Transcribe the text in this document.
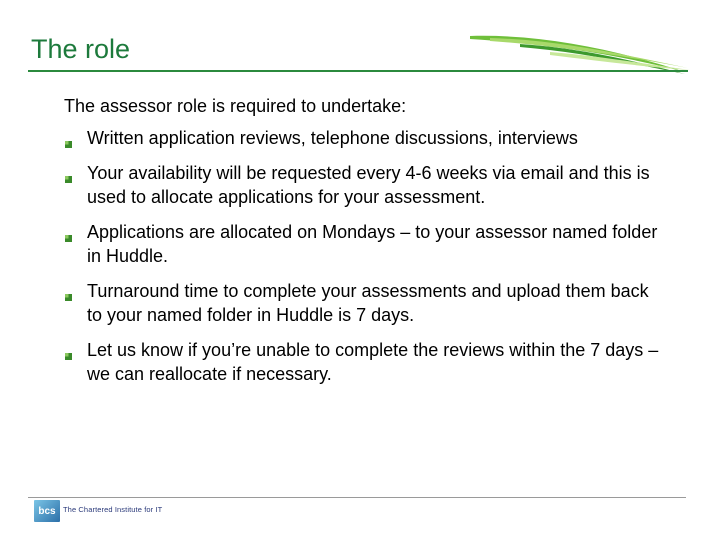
The role

The assessor role is required to undertake:

Written application reviews, telephone discussions, interviews
Your availability will be requested every 4-6 weeks via email and this is used to allocate applications for your assessment.
Applications are allocated on Mondays – to your assessor named folder in Huddle.
Turnaround time to complete your assessments and upload them back to your named folder in Huddle is 7 days.
Let us know if you’re unable to complete the reviews within the 7 days – we can reallocate if necessary.
bcs The Chartered Institute for IT
